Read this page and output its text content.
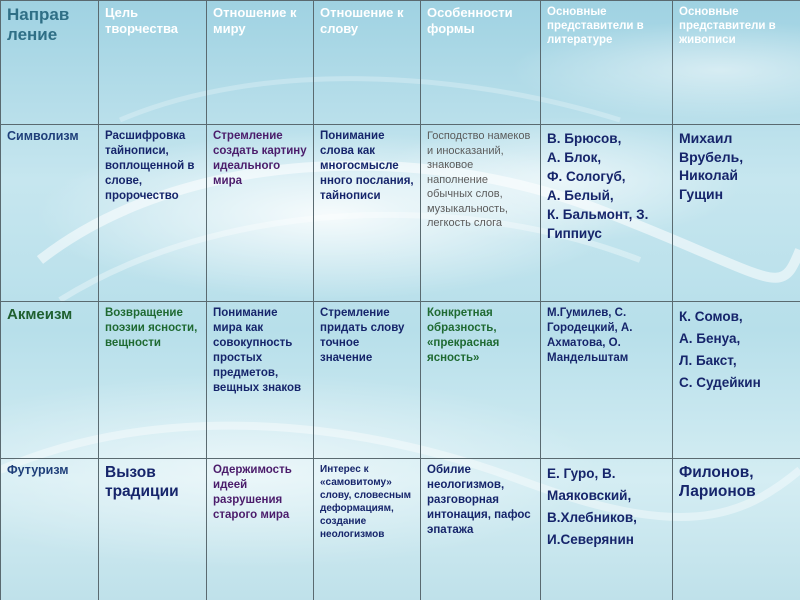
Направ ление	Цель творчества	Отношение к миру	Отношение к слову	Особенности формы	Основные представители в литературе	Основные представители в живописи
Символизм	Расшифровка тайнописи, воплощенной в слове, пророчество	Стремление создать картину идеального мира	Понимание слова как многосмысле нного послания, тайнописи	Господство намеков и иносказаний, знаковое наполнение обычных слов, музыкальность, легкость слога	В. Брюсов,
А. Блок,
Ф. Сологуб,
А. Белый,
К. Бальмонт, З. Гиппиус	Михаил
Врубель,
Николай
Гущин

Акмеизм	Возвращение поэзии ясности, вещности	Понимание мира как совокупность простых предметов, вещных знаков	Стремление придать слову точное значение	Конкретная образность, «прекрасная ясность»	М.Гумилев, С. Городецкий, А. Ахматова, О. Мандельштам	К. Сомов,
А. Бенуа,
Л. Бакст,
С. Судейкин

Футуризм	Вызов традиции	Одержимость идеей разрушения старого мира	Интерес к «самовитому» слову, словесным деформациям, создание неологизмов	Обилие неологизмов, разговорная интонация, пафос эпатажа	Е. Гуро, В.
Маяковский,
В.Хлебников,
И.Северянин	Филонов,
Ларионов
